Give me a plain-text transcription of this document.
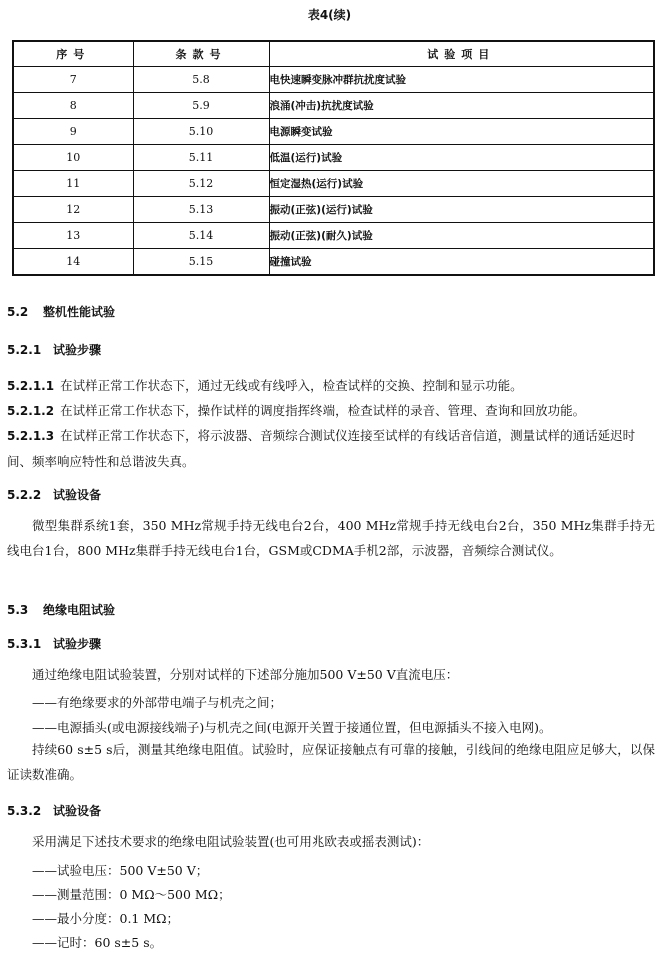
表4(续)
序号	条款号	试验项目
7	5.8	电快速瞬变脉冲群抗扰度试验
8	5.9	浪涌(冲击)抗扰度试验
9	5.10	电源瞬变试验
10	5.11	低温(运行)试验
11	5.12	恒定湿热(运行)试验
12	5.13	振动(正弦)(运行)试验
13	5.14	振动(正弦)(耐久)试验
14	5.15	碰撞试验
5.2 整机性能试验
5.2.1 试验步骤
5.2.1.1 在试样正常工作状态下，通过无线或有线呼入，检查试样的交换、控制和显示功能。
5.2.1.2 在试样正常工作状态下，操作试样的调度指挥终端，检查试样的录音、管理、查询和回放功能。
5.2.1.3 在试样正常工作状态下，将示波器、音频综合测试仪连接至试样的有线话音信道，测量试样的通话延迟时间、频率响应特性和总谐波失真。
5.2.2 试验设备
微型集群系统1套，350 MHz常规手持无线电台2台，400 MHz常规手持无线电台2台，350 MHz集群手持无线电台1台，800 MHz集群手持无线电台1台，GSM或CDMA手机2部，示波器，音频综合测试仪。
5.3 绝缘电阻试验
5.3.1 试验步骤
通过绝缘电阻试验装置，分别对试样的下述部分施加500 V±50 V直流电压：
——有绝缘要求的外部带电端子与机壳之间；
——电源插头(或电源接线端子)与机壳之间(电源开关置于接通位置，但电源插头不接入电网)。
持续60 s±5 s后，测量其绝缘电阻值。试验时，应保证接触点有可靠的接触，引线间的绝缘电阻应足够大，以保证读数准确。
5.3.2 试验设备
采用满足下述技术要求的绝缘电阻试验装置(也可用兆欧表或摇表测试)：
——试验电压：500 V±50 V；
——测量范围：0 MΩ～500 MΩ；
——最小分度：0.1 MΩ；
——记时：60 s±5 s。
